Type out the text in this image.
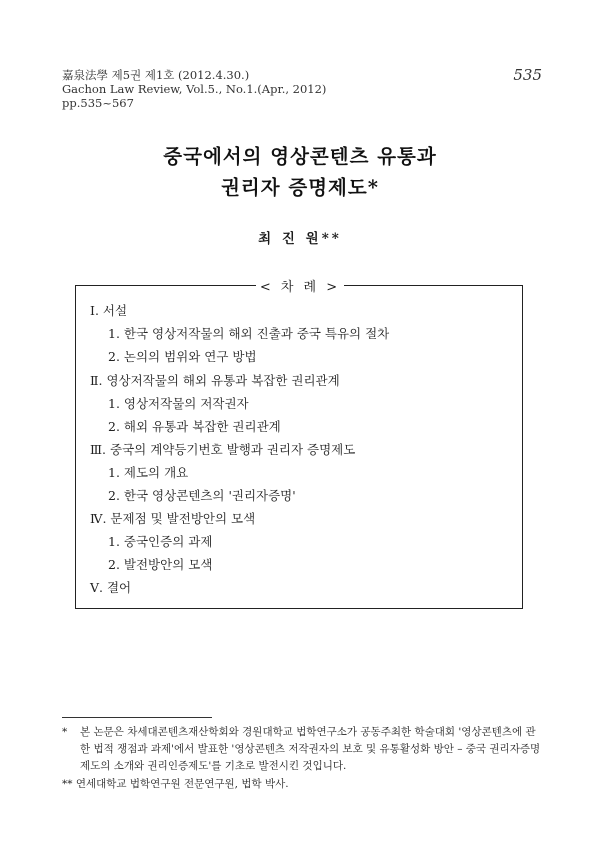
嘉泉法學 제5권 제1호 (2012.4.30.)
Gachon Law Review, Vol.5., No.1.(Apr., 2012)
pp.535~567
535
중국에서의 영상콘텐츠 유통과
권리자 증명제도*
최 진 원**
< 차 례 >
Ⅰ. 서설
1. 한국 영상저작물의 해외 진출과 중국 특유의 절차
2. 논의의 범위와 연구 방법
Ⅱ. 영상저작물의 해외 유통과 복잡한 권리관계
1. 영상저작물의 저작권자
2. 해외 유통과 복잡한 권리관계
Ⅲ. 중국의 계약등기번호 발행과 권리자 증명제도
1. 제도의 개요
2. 한국 영상콘텐츠의 '권리자증명'
Ⅳ. 문제점 및 발전방안의 모색
1. 중국인증의 과제
2. 발전방안의 모색
Ⅴ. 결어
*	본 논문은 차세대콘텐츠재산학회와 경원대학교 법학연구소가 공동주최한 학술대회 '영상콘텐츠에 관한 법적 쟁점과 과제'에서 발표한 '영상콘텐츠 저작권자의 보호 및 유통활성화 방안 – 중국 권리자증명제도의 소개와 권리인증제도'를 기초로 발전시킨 것입니다.
** 연세대학교 법학연구원 전문연구원, 법학 박사.
